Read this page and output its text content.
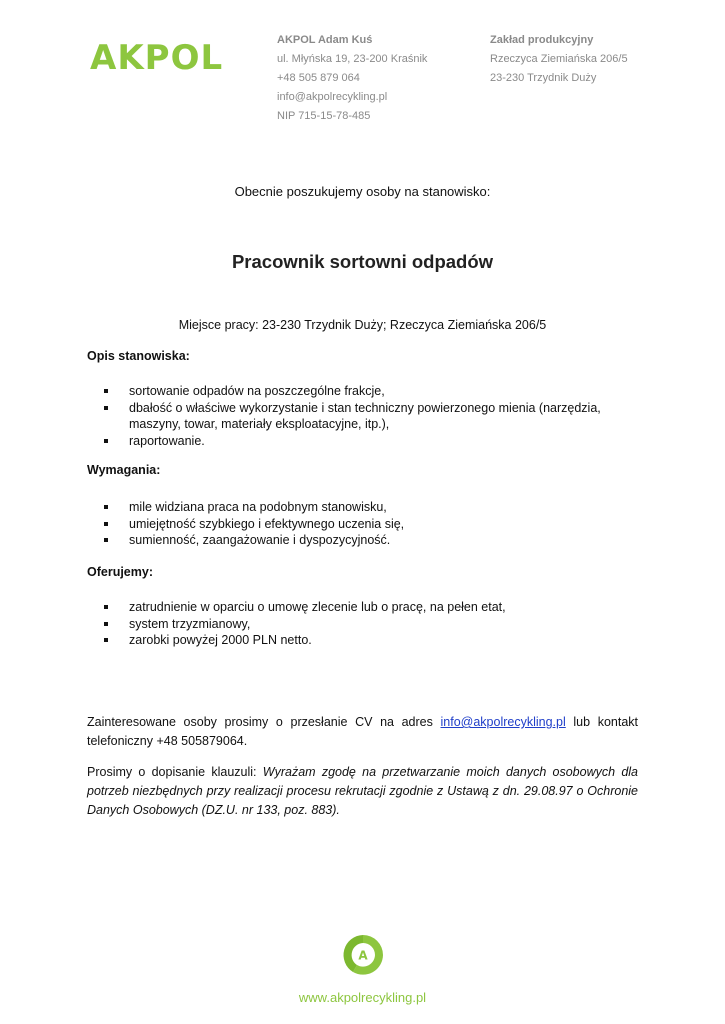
AKPOL	AKPOL Adam Kuś
ul. Młyńska 19, 23-200 Kraśnik
+48 505 879 064
info@akpolrecykling.pl
NIP 715-15-78-485
Zakład produkcyjny
Rzeczyca Ziemiańska 206/5
23-230 Trzydnik Duży
Obecnie poszukujemy osoby na stanowisko:
Pracownik sortowni odpadów
Miejsce pracy: 23-230 Trzydnik Duży; Rzeczyca Ziemiańska 206/5
Opis stanowiska:
sortowanie odpadów na poszczególne frakcje,
dbałość o właściwe wykorzystanie i stan techniczny powierzonego mienia (narzędzia, maszyny, towar, materiały eksploatacyjne, itp.),
raportowanie.
Wymagania:
mile widziana praca na podobnym stanowisku,
umiejętność szybkiego i efektywnego uczenia się,
sumienność, zaangażowanie i dyspozycyjność.
Oferujemy:
zatrudnienie w oparciu o umowę zlecenie lub o pracę, na pełen etat,
system trzyzmianowy,
zarobki powyżej 2000 PLN netto.
Zainteresowane osoby prosimy o przesłanie CV na adres info@akpolrecykling.pl lub kontakt telefoniczny +48 505879064.
Prosimy o dopisanie klauzuli: Wyrażam zgodę na przetwarzanie moich danych osobowych dla potrzeb niezbędnych przy realizacji procesu rekrutacji zgodnie z Ustawą z dn. 29.08.97 o Ochronie Danych Osobowych (DZ.U. nr 133, poz. 883).
A
www.akpolrecykling.pl
